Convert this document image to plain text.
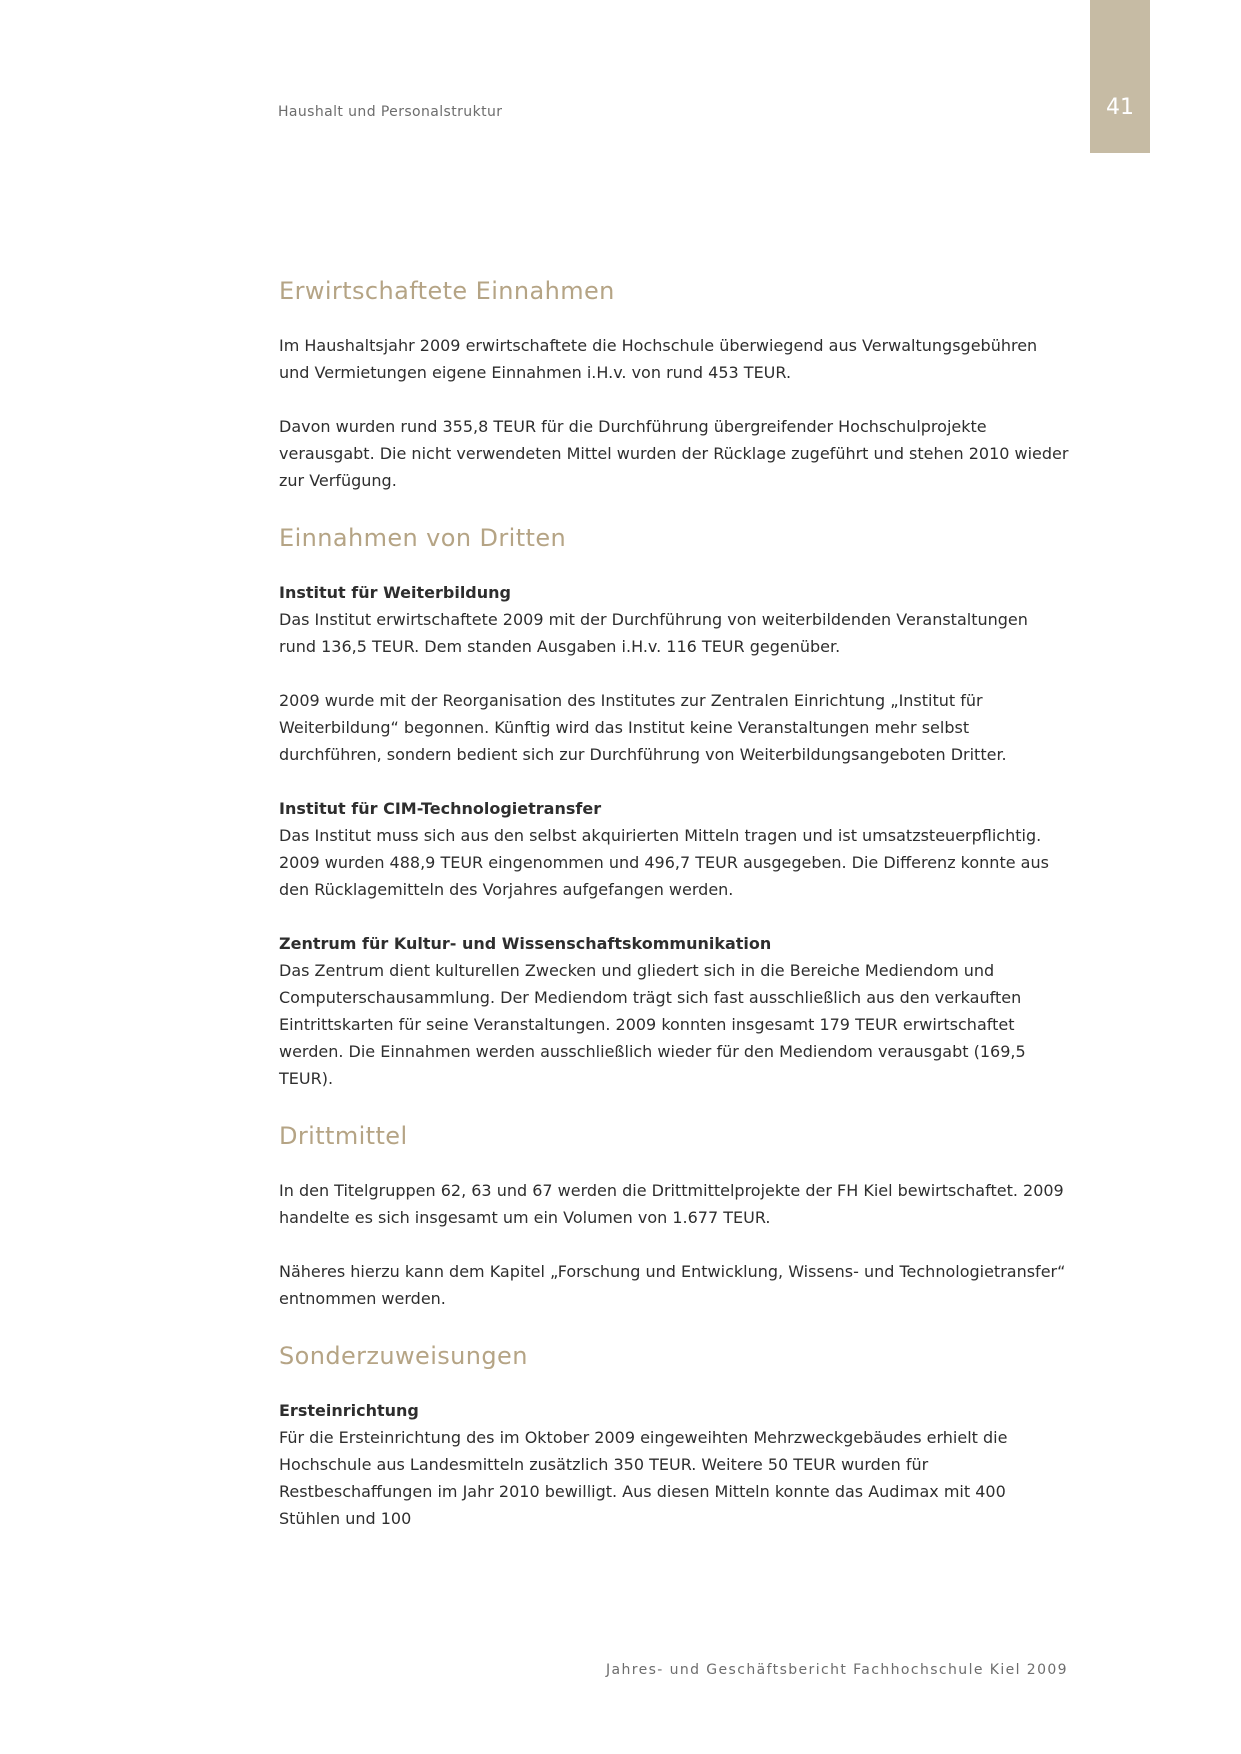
Haushalt und Personalstruktur	41
Erwirtschaftete Einnahmen

Im Haushaltsjahr 2009 erwirtschaftete die Hochschule überwiegend aus Verwaltungsgebühren und Vermietungen eigene Einnahmen i.H.v. von rund 453 TEUR.

Davon wurden rund 355,8 TEUR für die Durchführung übergreifender Hochschulprojekte verausgabt. Die nicht verwendeten Mittel wurden der Rücklage zugeführt und stehen 2010 wieder zur Verfügung.

Einnahmen von Dritten
Institut für Weiterbildung

Das Institut erwirtschaftete 2009 mit der Durchführung von weiterbildenden Veranstaltungen rund 136,5 TEUR. Dem standen Ausgaben i.H.v. 116 TEUR gegenüber.

2009 wurde mit der Reorganisation des Institutes zur Zentralen Einrichtung „Institut für Weiterbildung“ begonnen. Künftig wird das Institut keine Veranstaltungen mehr selbst durchführen, sondern bedient sich zur Durchführung von Weiterbildungsangeboten Dritter.

Institut für CIM-Technologietransfer

Das Institut muss sich aus den selbst akquirierten Mitteln tragen und ist umsatzsteuerpflichtig. 2009 wurden 488,9 TEUR eingenommen und 496,7 TEUR ausgegeben. Die Differenz konnte aus den Rücklagemitteln des Vorjahres aufgefangen werden.

Zentrum für Kultur- und Wissenschaftskommunikation

Das Zentrum dient kulturellen Zwecken und gliedert sich in die Bereiche Mediendom und Computerschausammlung. Der Mediendom trägt sich fast ausschließlich aus den verkauften Eintrittskarten für seine Veranstaltungen. 2009 konnten insgesamt 179 TEUR erwirtschaftet werden. Die Einnahmen werden ausschließlich wieder für den Mediendom verausgabt (169,5 TEUR).

Drittmittel

In den Titelgruppen 62, 63 und 67 werden die Drittmittelprojekte der FH Kiel bewirtschaftet. 2009 handelte es sich insgesamt um ein Volumen von 1.677 TEUR.

Näheres hierzu kann dem Kapitel „Forschung und Entwicklung, Wissens- und Technologietransfer“ entnommen werden.

Sonderzuweisungen
Ersteinrichtung

Für die Ersteinrichtung des im Oktober 2009 eingeweihten Mehrzweckgebäudes erhielt die Hochschule aus Landesmitteln zusätzlich 350 TEUR. Weitere 50 TEUR wurden für Restbeschaffungen im Jahr 2010 bewilligt. Aus diesen Mitteln konnte das Audimax mit 400 Stühlen und 100

Jahres- und Geschäftsbericht Fachhochschule Kiel 2009
